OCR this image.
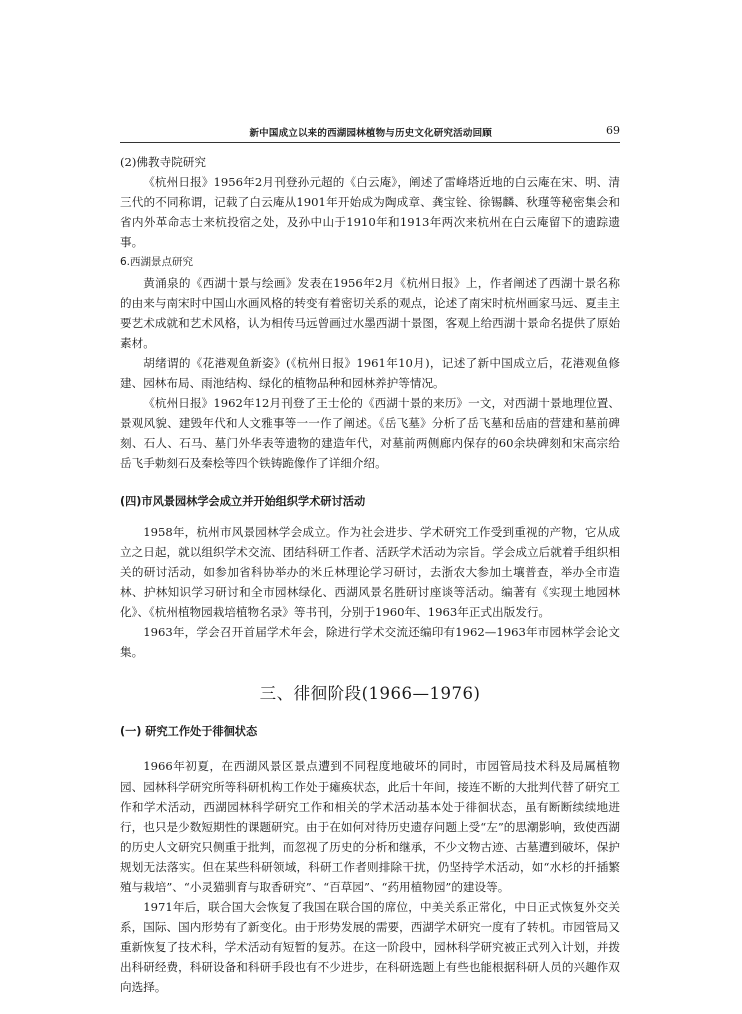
新中国成立以来的西湖园林植物与历史文化研究活动回顾	69
(2)佛教寺院研究

《杭州日报》1956年2月刊登孙元超的《白云庵》，阐述了雷峰塔近地的白云庵在宋、明、清三代的不同称谓，记载了白云庵从1901年开始成为陶成章、龚宝铨、徐锡麟、秋瑾等秘密集会和省内外革命志士来杭投宿之处，及孙中山于1910年和1913年两次来杭州在白云庵留下的遗踪遗事。

6.西湖景点研究

黄涌泉的《西湖十景与绘画》发表在1956年2月《杭州日报》上，作者阐述了西湖十景名称的由来与南宋时中国山水画风格的转变有着密切关系的观点，论述了南宋时杭州画家马远、夏圭主要艺术成就和艺术风格，认为相传马远曾画过水墨西湖十景图，客观上给西湖十景命名提供了原始素材。

胡绪谓的《花港观鱼新姿》(《杭州日报》1961年10月)，记述了新中国成立后，花港观鱼修建、园林布局、雨池结构、绿化的植物品种和园林养护等情况。

《杭州日报》1962年12月刊登了王士伦的《西湖十景的来历》一文，对西湖十景地理位置、景观风貌、建毁年代和人文雅事等一一作了阐述。《岳飞墓》分析了岳飞墓和岳庙的营建和墓前碑刻、石人、石马、墓门外华表等遗物的建造年代，对墓前两侧廊内保存的60余块碑刻和宋高宗给岳飞手勅刻石及秦桧等四个铁铸跪像作了详细介绍。

(四)市风景园林学会成立并开始组织学术研讨活动

1958年，杭州市风景园林学会成立。作为社会进步、学术研究工作受到重视的产物，它从成立之日起，就以组织学术交流、团结科研工作者、活跃学术活动为宗旨。学会成立后就着手组织相关的研讨活动，如参加省科协举办的米丘林理论学习研讨，去浙农大参加土壤普查，举办全市造林、护林知识学习研讨和全市园林绿化、西湖风景名胜研讨座谈等活动。编著有《实现土地园林化》、《杭州植物园栽培植物名录》等书刊，分别于1960年、1963年正式出版发行。

1963年，学会召开首届学术年会，除进行学术交流还编印有1962—1963年市园林学会论文集。

三、徘徊阶段(1966—1976)
(一) 研究工作处于徘徊状态

1966年初夏，在西湖风景区景点遭到不同程度地破坏的同时，市园管局技术科及局属植物园、园林科学研究所等科研机构工作处于瘫痪状态，此后十年间，接连不断的大批判代替了研究工作和学术活动，西湖园林科学研究工作和相关的学术活动基本处于徘徊状态，虽有断断续续地进行，也只是少数短期性的课题研究。由于在如何对待历史遗存问题上受“左”的思潮影响，致使西湖的历史人文研究只侧重于批判，而忽视了历史的分析和继承，不少文物古迹、古墓遭到破坏，保护规划无法落实。但在某些科研领域，科研工作者则排除干扰，仍坚持学术活动，如“水杉的扦插繁殖与栽培”、“小灵猫驯育与取香研究”、“百草园”、“药用植物园”的建设等。

1971年后，联合国大会恢复了我国在联合国的席位，中美关系正常化，中日正式恢复外交关系，国际、国内形势有了新变化。由于形势发展的需要，西湖学术研究一度有了转机。市园管局又重新恢复了技术科，学术活动有短暂的复苏。在这一阶段中，园林科学研究被正式列入计划，并拨出科研经费，科研设备和科研手段也有不少进步，在科研选题上有些也能根据科研人员的兴趣作双向选择。
